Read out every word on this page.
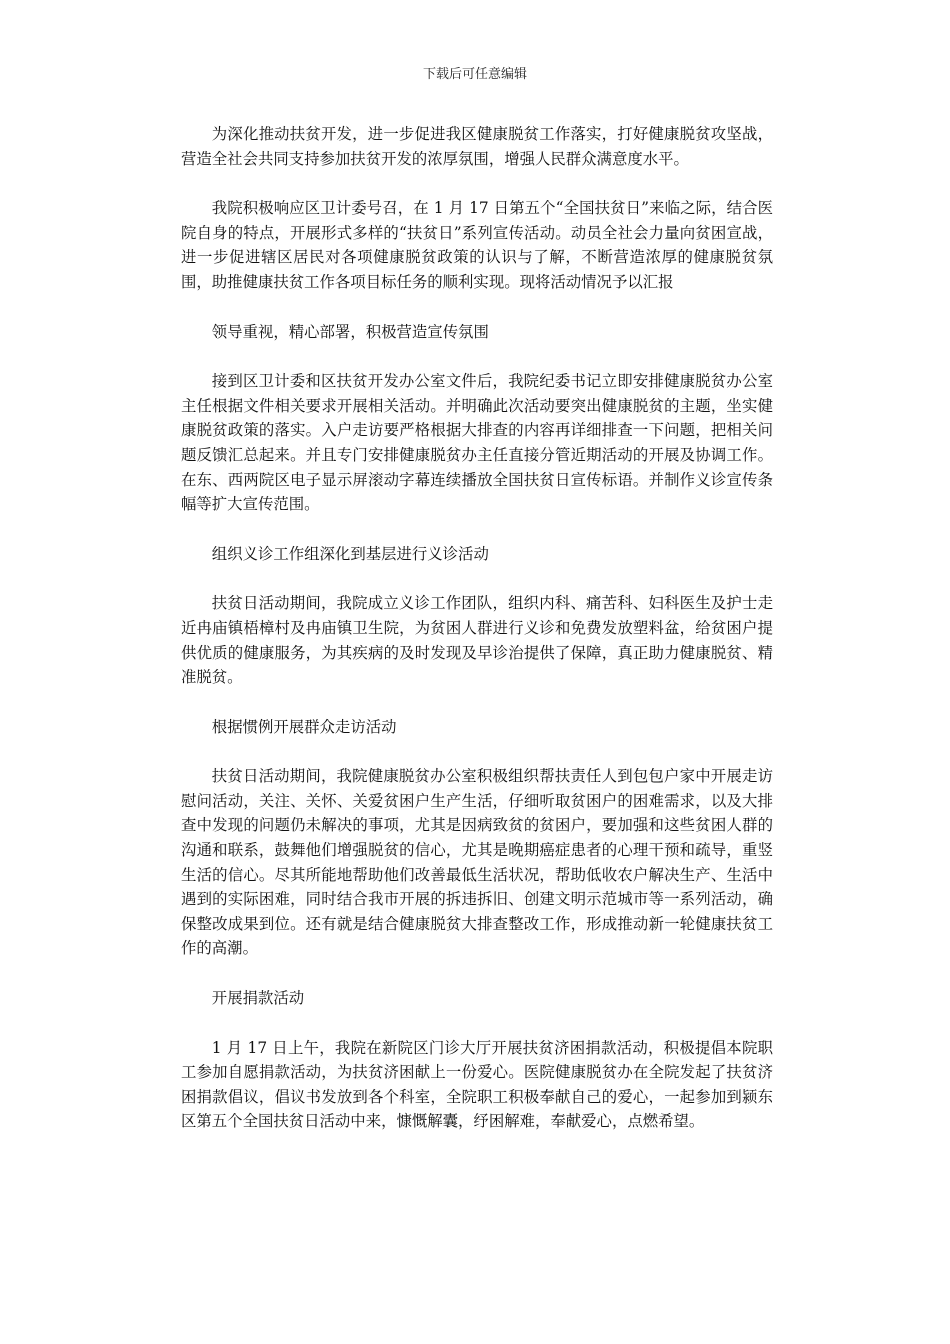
下载后可任意编辑

为深化推动扶贫开发，进一步促进我区健康脱贫工作落实，打好健康脱贫攻坚战，营造全社会共同支持参加扶贫开发的浓厚氛围，增强人民群众满意度水平。

我院积极响应区卫计委号召，在 1 月 17 日第五个“全国扶贫日”来临之际，结合医院自身的特点，开展形式多样的“扶贫日”系列宣传活动。动员全社会力量向贫困宣战，进一步促进辖区居民对各项健康脱贫政策的认识与了解，不断营造浓厚的健康脱贫氛围，助推健康扶贫工作各项目标任务的顺利实现。现将活动情况予以汇报

领导重视，精心部署，积极营造宣传氛围

接到区卫计委和区扶贫开发办公室文件后，我院纪委书记立即安排健康脱贫办公室主任根据文件相关要求开展相关活动。并明确此次活动要突出健康脱贫的主题，坐实健康脱贫政策的落实。入户走访要严格根据大排查的内容再详细排查一下问题，把相关问题反馈汇总起来。并且专门安排健康脱贫办主任直接分管近期活动的开展及协调工作。在东、西两院区电子显示屏滚动字幕连续播放全国扶贫日宣传标语。并制作义诊宣传条幅等扩大宣传范围。

组织义诊工作组深化到基层进行义诊活动

扶贫日活动期间，我院成立义诊工作团队，组织内科、痛苦科、妇科医生及护士走近冉庙镇梧樟村及冉庙镇卫生院，为贫困人群进行义诊和免费发放塑料盆，给贫困户提供优质的健康服务，为其疾病的及时发现及早诊治提供了保障，真正助力健康脱贫、精准脱贫。

根据惯例开展群众走访活动

扶贫日活动期间，我院健康脱贫办公室积极组织帮扶责任人到包包户家中开展走访慰问活动，关注、关怀、关爱贫困户生产生活，仔细听取贫困户的困难需求，以及大排查中发现的问题仍未解决的事项，尤其是因病致贫的贫困户，要加强和这些贫困人群的沟通和联系，鼓舞他们增强脱贫的信心，尤其是晚期癌症患者的心理干预和疏导，重竖生活的信心。尽其所能地帮助他们改善最低生活状况，帮助低收农户解决生产、生活中遇到的实际困难，同时结合我市开展的拆违拆旧、创建文明示范城市等一系列活动，确保整改成果到位。还有就是结合健康脱贫大排查整改工作，形成推动新一轮健康扶贫工作的高潮。

开展捐款活动

1 月 17 日上午，我院在新院区门诊大厅开展扶贫济困捐款活动，积极提倡本院职工参加自愿捐款活动，为扶贫济困献上一份爱心。医院健康脱贫办在全院发起了扶贫济困捐款倡议，倡议书发放到各个科室，全院职工积极奉献自己的爱心，一起参加到颍东区第五个全国扶贫日活动中来，慷慨解囊，纾困解难，奉献爱心，点燃希望。
